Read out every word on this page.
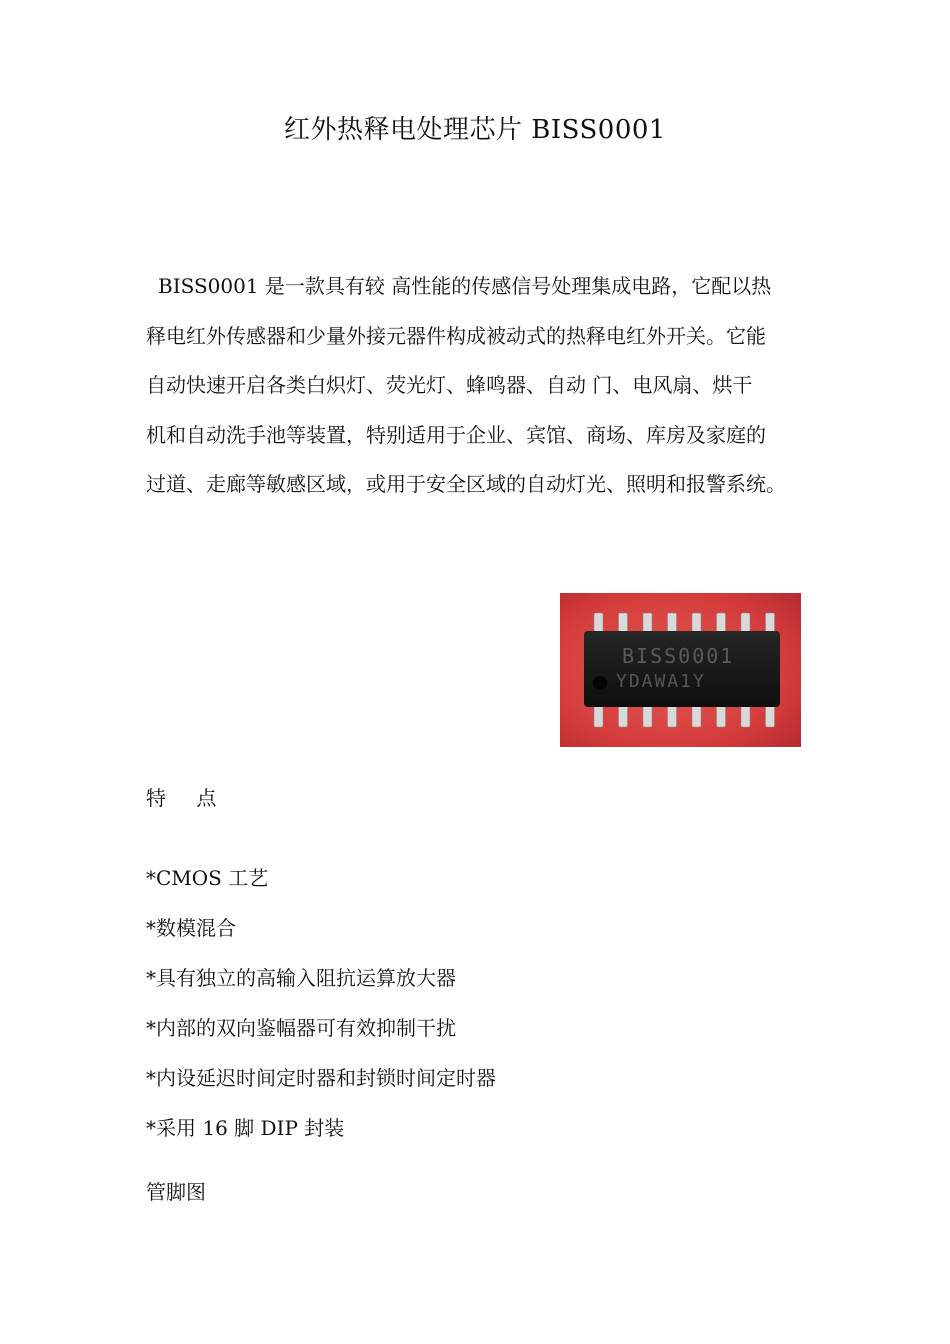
红外热释电处理芯片 BISS0001
BISS0001 是一款具有较 高性能的传感信号处理集成电路，它配以热
释电红外传感器和少量外接元器件构成被动式的热释电红外开关。它能
自动快速开启各类白炽灯、荧光灯、蜂鸣器、自动 门、电风扇、烘干
机和自动洗手池等装置，特别适用于企业、宾馆、商场、库房及家庭的
过道、走廊等敏感区域，或用于安全区域的自动灯光、照明和报警系统。
BISS0001
YDAWA1Y
特 点
*CMOS 工艺
*数模混合
*具有独立的高输入阻抗运算放大器
*内部的双向鉴幅器可有效抑制干扰
*内设延迟时间定时器和封锁时间定时器
*采用 16 脚 DIP 封装
管脚图
